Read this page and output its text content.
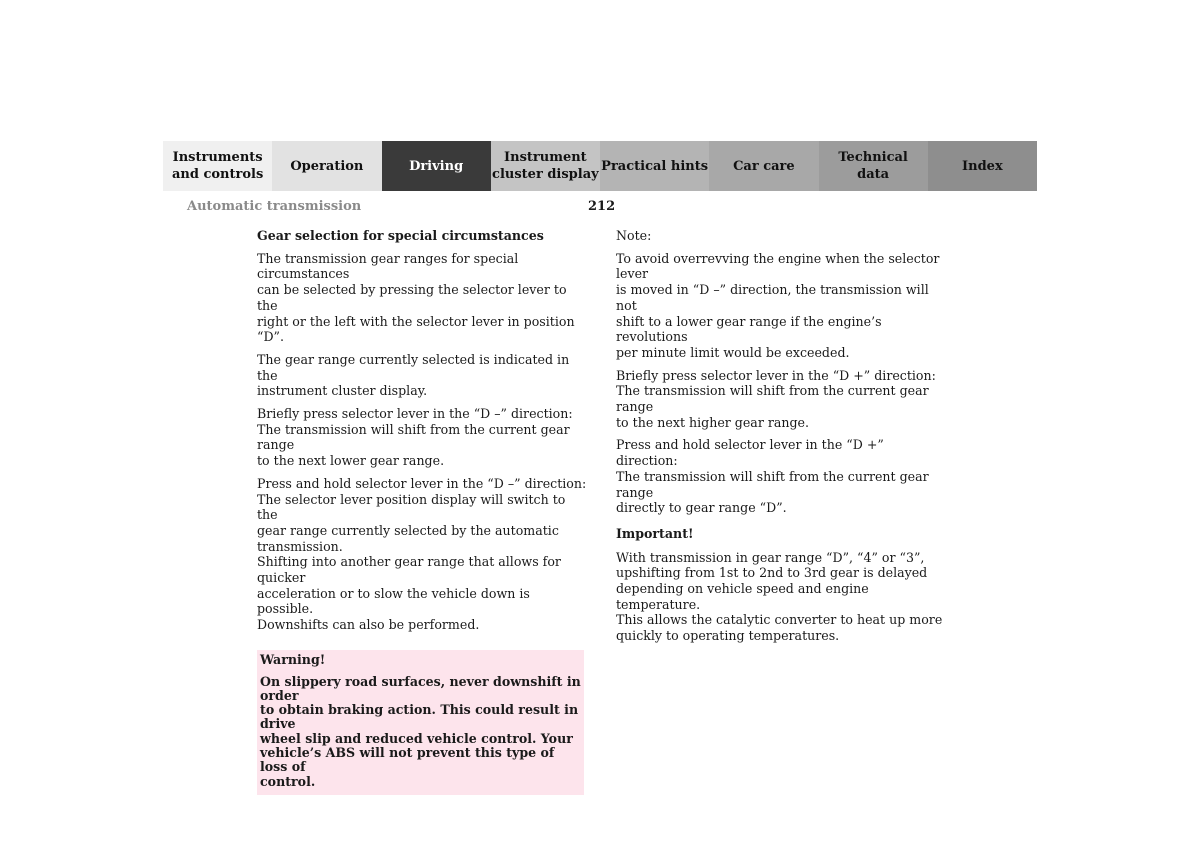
Instruments
and controls
Operation	Driving
Instrument
cluster display
Practical hints	Car care
Technical
data
Index
Automatic transmission	212
Gear selection for special circumstances

The transmission gear ranges for special circumstances
can be selected by pressing the selector lever to the
right or the left with the selector lever in position “D”.

The gear range currently selected is indicated in the
instrument cluster display.

Briefly press selector lever in the “D –” direction:
The transmission will shift from the current gear range
to the next lower gear range.

Press and hold selector lever in the “D –” direction:
The selector lever position display will switch to the
gear range currently selected by the automatic
transmission.
Shifting into another gear range that allows for quicker
acceleration or to slow the vehicle down is possible.
Downshifts can also be performed.

Warning!

On slippery road surfaces, never downshift in order
to obtain braking action. This could result in drive
wheel slip and reduced vehicle control. Your
vehicle’s ABS will not prevent this type of loss of
control.

Note:

To avoid overrevving the engine when the selector lever
is moved in “D –” direction, the transmission will not
shift to a lower gear range if the engine’s revolutions
per minute limit would be exceeded.

Briefly press selector lever in the “D +” direction:
The transmission will shift from the current gear range
to the next higher gear range.

Press and hold selector lever in the “D +” direction:
The transmission will shift from the current gear range
directly to gear range “D”.

Important!

With transmission in gear range “D”, “4” or “3”,
upshifting from 1st to 2nd to 3rd gear is delayed
depending on vehicle speed and engine temperature.
This allows the catalytic converter to heat up more
quickly to operating temperatures.
